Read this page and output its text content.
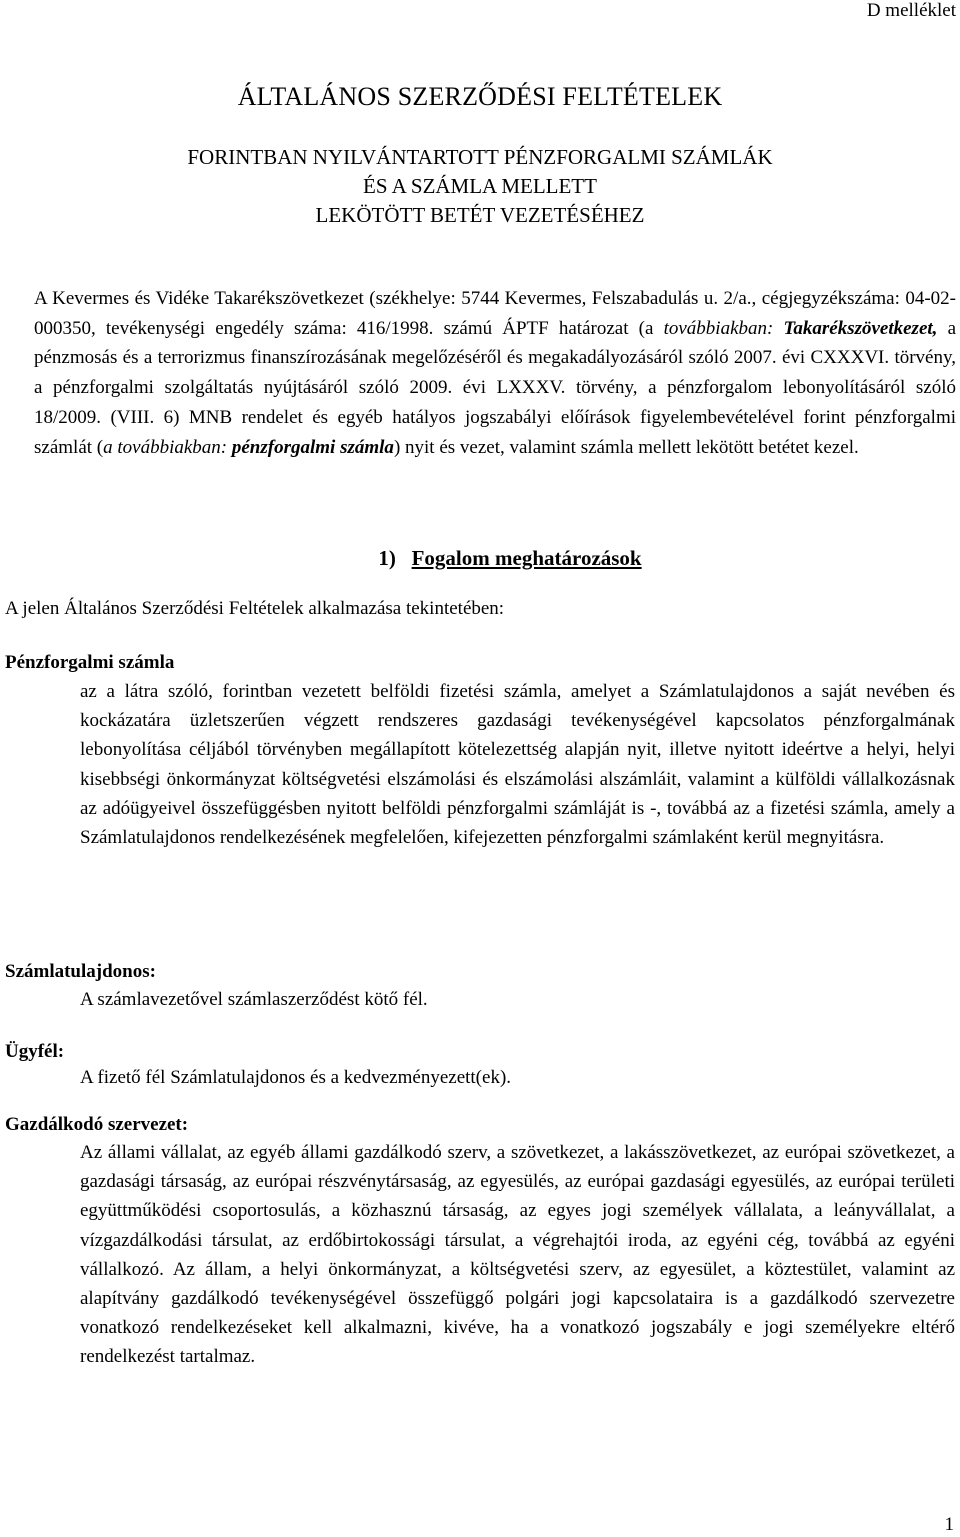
D melléklet
ÁLTALÁNOS SZERZŐDÉSI FELTÉTELEK
FORINTBAN NYILVÁNTARTOTT PÉNZFORGALMI SZÁMLÁK
ÉS A SZÁMLA MELLETT
LEKÖTÖTT BETÉT VEZETÉSÉHEZ
A Kevermes és Vidéke Takarékszövetkezet (székhelye: 5744 Kevermes, Felszabadulás u. 2/a., cégjegyzékszáma: 04-02-000350, tevékenységi engedély száma: 416/1998. számú ÁPTF határozat (a továbbiakban: Takarékszövetkezet, a pénzmosás és a terrorizmus finanszírozásának megelőzéséről és megakadályozásáról szóló 2007. évi CXXXVI. törvény, a pénzforgalmi szolgáltatás nyújtásáról szóló 2009. évi LXXXV. törvény, a pénzforgalom lebonyolításáról szóló 18/2009. (VIII. 6) MNB rendelet és egyéb hatályos jogszabályi előírások figyelembevételével forint pénzforgalmi számlát (a továbbiakban: pénzforgalmi számla) nyit és vezet, valamint számla mellett lekötött betétet kezel.
1) Fogalom meghatározások
A jelen Általános Szerződési Feltételek alkalmazása tekintetében:
Pénzforgalmi számla
az a látra szóló, forintban vezetett belföldi fizetési számla, amelyet a Számlatulajdonos a saját nevében és kockázatára üzletszerűen végzett rendszeres gazdasági tevékenységével kapcsolatos pénzforgalmának lebonyolítása céljából törvényben megállapított kötelezettség alapján nyit, illetve nyitott ideértve a helyi, helyi kisebbségi önkormányzat költségvetési elszámolási és elszámolási alszámláit, valamint a külföldi vállalkozásnak az adóügyeivel összefüggésben nyitott belföldi pénzforgalmi számláját is -, továbbá az a fizetési számla, amely a Számlatulajdonos rendelkezésének megfelelően, kifejezetten pénzforgalmi számlaként kerül megnyitásra.
Számlatulajdonos:
A számlavezetővel számlaszerződést kötő fél.
Ügyfél:
A fizető fél Számlatulajdonos és a kedvezményezett(ek).
Gazdálkodó szervezet:
Az állami vállalat, az egyéb állami gazdálkodó szerv, a szövetkezet, a lakásszövetkezet, az európai szövetkezet, a gazdasági társaság, az európai részvénytársaság, az egyesülés, az európai gazdasági egyesülés, az európai területi együttműködési csoportosulás, a közhasznú társaság, az egyes jogi személyek vállalata, a leányvállalat, a vízgazdálkodási társulat, az erdőbirtokossági társulat, a végrehajtói iroda, az egyéni cég, továbbá az egyéni vállalkozó. Az állam, a helyi önkormányzat, a költségvetési szerv, az egyesület, a köztestület, valamint az alapítvány gazdálkodó tevékenységével összefüggő polgári jogi kapcsolataira is a gazdálkodó szervezetre vonatkozó rendelkezéseket kell alkalmazni, kivéve, ha a vonatkozó jogszabály e jogi személyekre eltérő rendelkezést tartalmaz.
1
